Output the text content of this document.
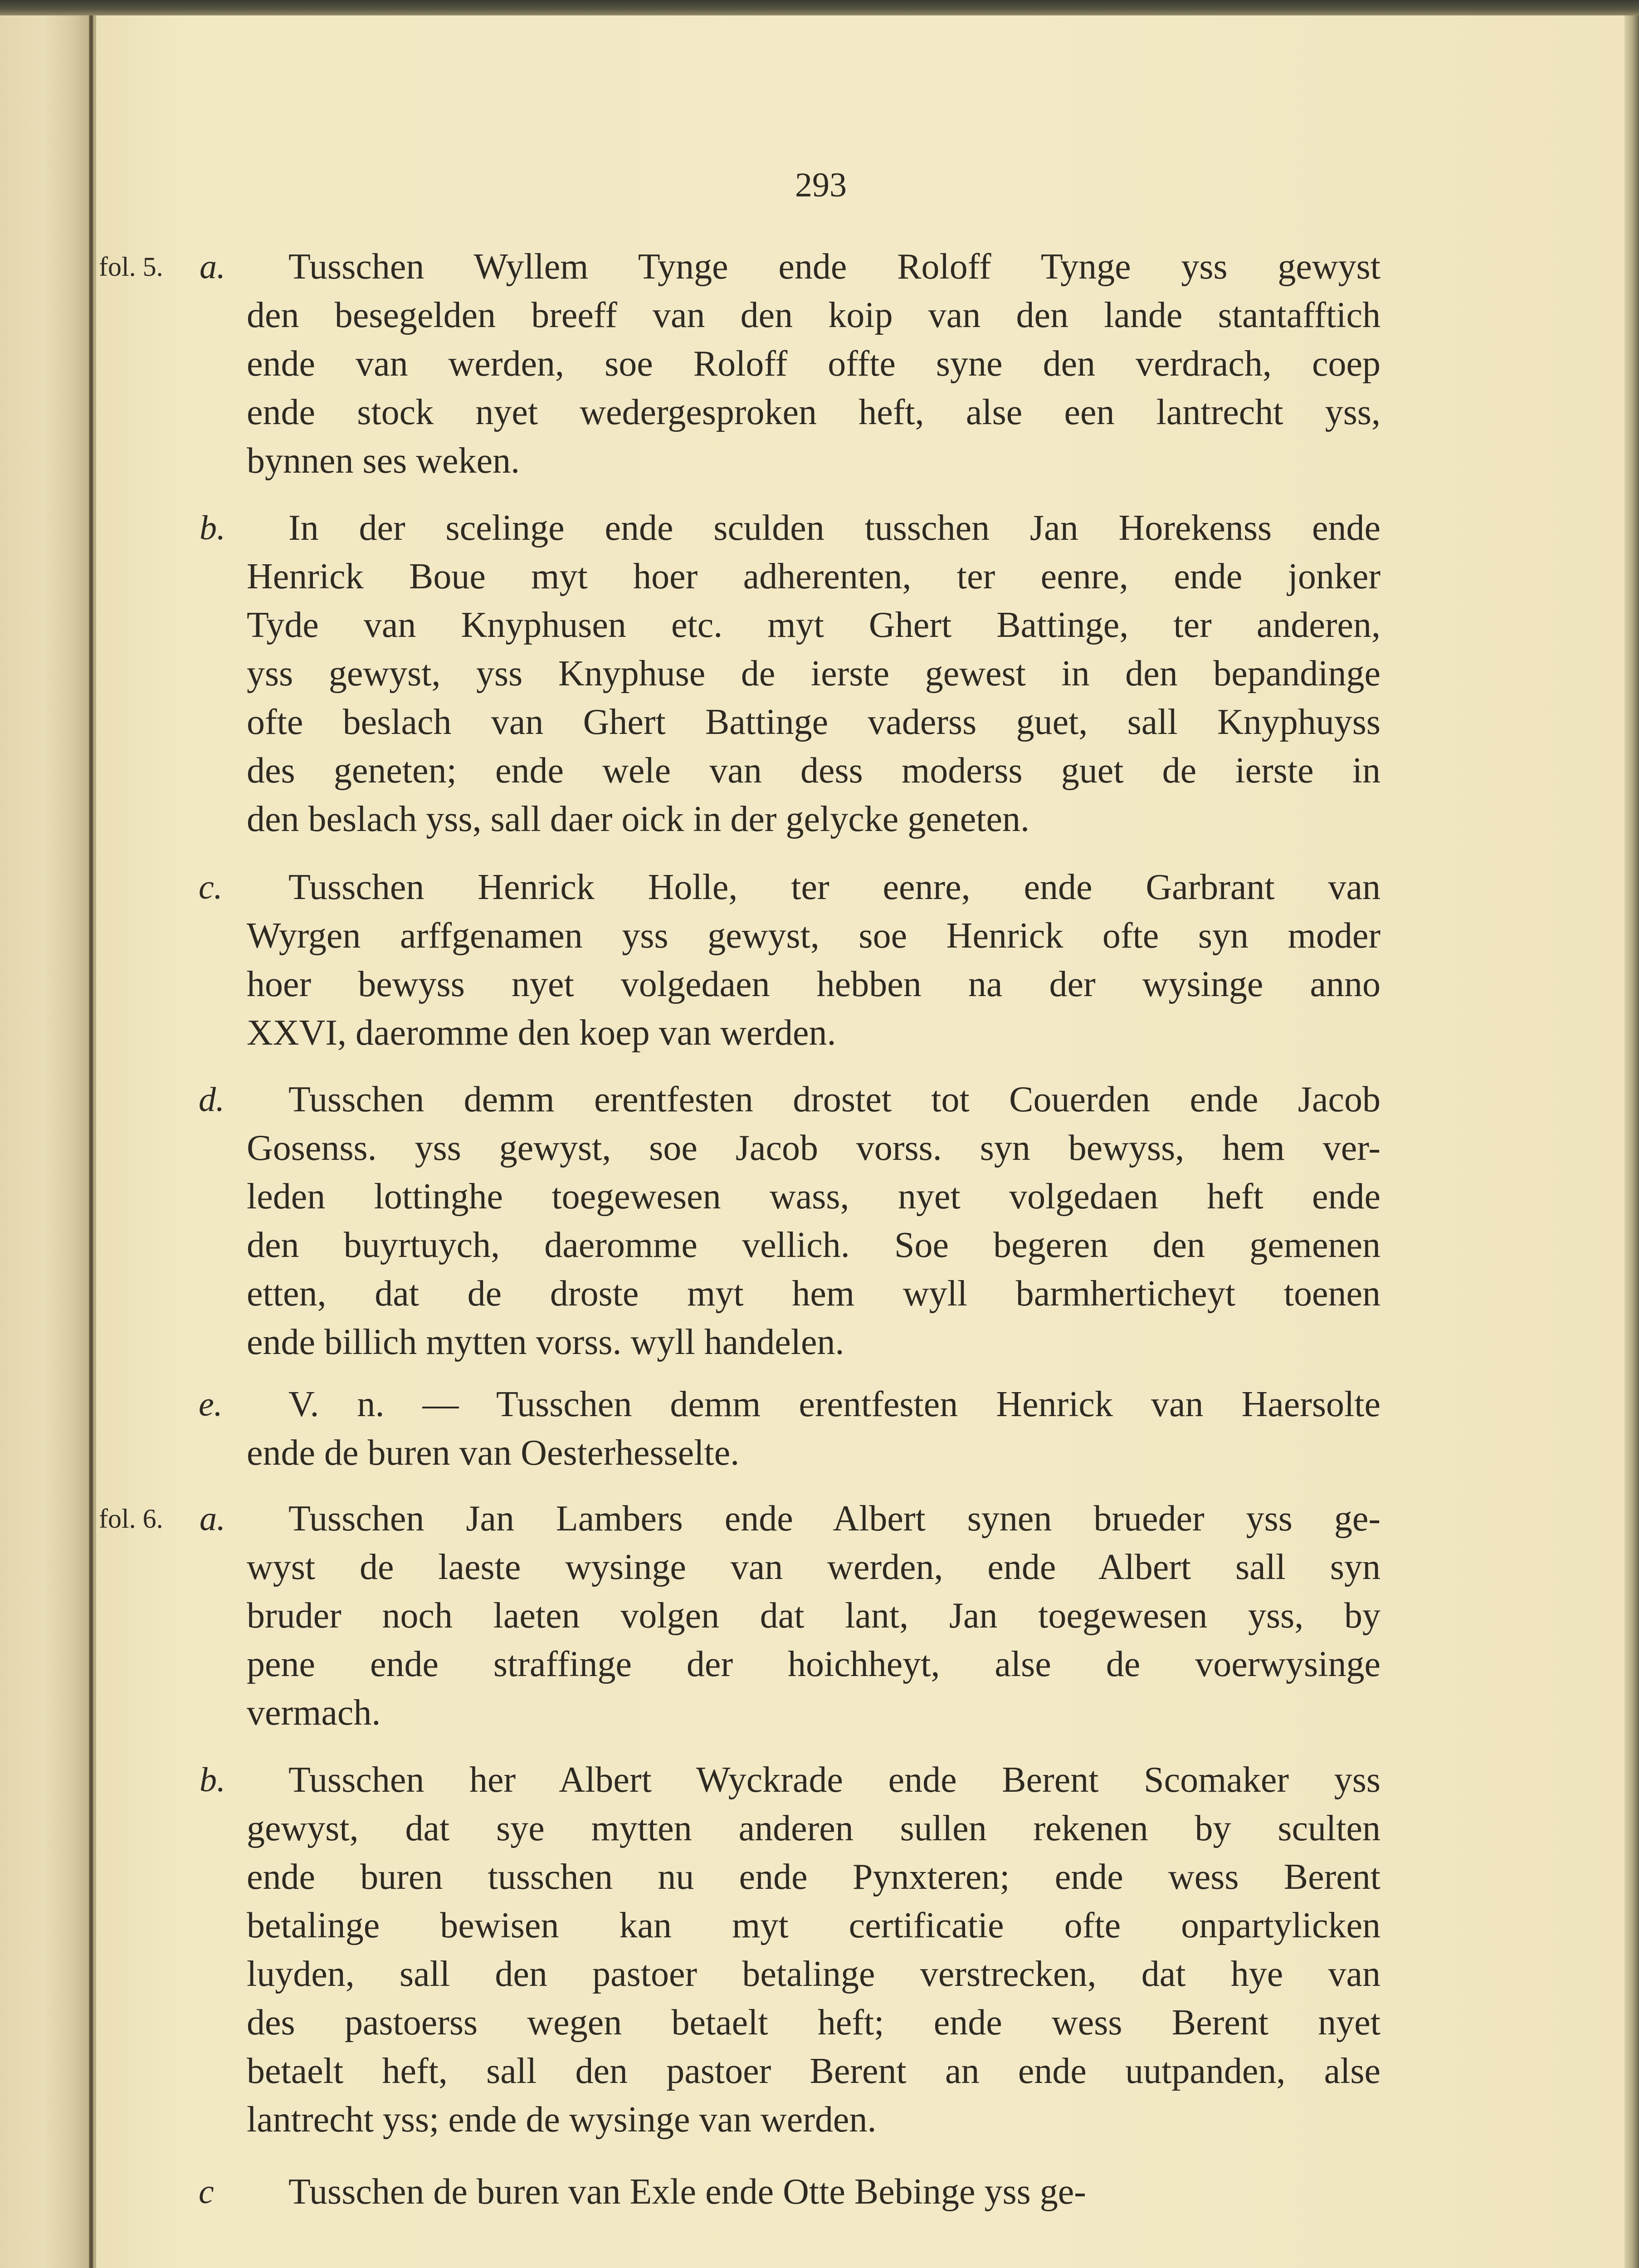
293
fol. 5. a. Tusschen Wyllem Tynge ende Roloff Tynge yss gewyst
den besegelden breeff van den koip van den lande stantafftich
ende van werden, soe Roloff offte syne den verdrach, coep
ende stock nyet wedergesproken heft, alse een lantrecht yss,
bynnen ses weken.
b. In der scelinge ende sculden tusschen Jan Horekenss ende
Henrick Boue myt hoer adherenten, ter eenre, ende jonker
Tyde van Knyphusen etc. myt Ghert Battinge, ter anderen,
yss gewyst, yss Knyphuse de ierste gewest in den bepandinge
ofte beslach van Ghert Battinge vaderss guet, sall Knyphuyss
des geneten; ende wele van dess moderss guet de ierste in
den beslach yss, sall daer oick in der gelycke geneten.
c. Tusschen Henrick Holle, ter eenre, ende Garbrant van
Wyrgen arffgenamen yss gewyst, soe Henrick ofte syn moder
hoer bewyss nyet volgedaen hebben na der wysinge anno
XXVI, daeromme den koep van werden.
d. Tusschen demm erentfesten drostet tot Couerden ende Jacob
Gosenss. yss gewyst, soe Jacob vorss. syn bewyss, hem ver-
leden lottinghe toegewesen wass, nyet volgedaen heft ende
den buyrtuych, daeromme vellich. Soe begeren den gemenen
etten, dat de droste myt hem wyll barmherticheyt toenen
ende billich mytten vorss. wyll handelen.
e. V. n. — Tusschen demm erentfesten Henrick van Haersolte
ende de buren van Oesterhesselte.
fol. 6. a. Tusschen Jan Lambers ende Albert synen brueder yss ge-
wyst de laeste wysinge van werden, ende Albert sall syn
bruder noch laeten volgen dat lant, Jan toegewesen yss, by
pene ende straffinge der hoichheyt, alse de voerwysinge
vermach.
b. Tusschen her Albert Wyckrade ende Berent Scomaker yss
gewyst, dat sye mytten anderen sullen rekenen by sculten
ende buren tusschen nu ende Pynxteren; ende wess Berent
betalinge bewisen kan myt certificatie ofte onpartylicken
luyden, sall den pastoer betalinge verstrecken, dat hye van
des pastoerss wegen betaelt heft; ende wess Berent nyet
betaelt heft, sall den pastoer Berent an ende uutpanden, alse
lantrecht yss; ende de wysinge van werden.
c Tusschen de buren van Exle ende Otte Bebinge yss ge-
